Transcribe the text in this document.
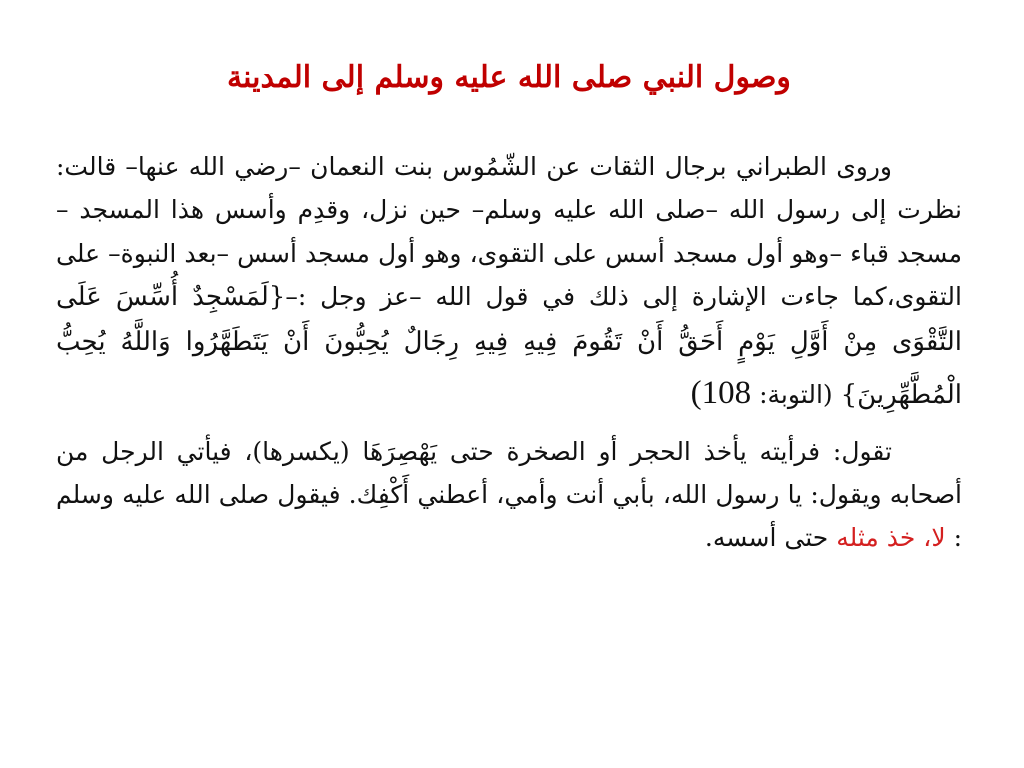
وصول النبي صلى الله عليه وسلم إلى المدينة

وروى الطبراني برجال الثقات عن الشّمُوس بنت النعمان –رضي الله عنها– قالت: نظرت إلى رسول الله –صلى الله عليه وسلم– حين نزل، وقدِم وأسس هذا المسجد –مسجد قباء –وهو أول مسجد أسس على التقوى، وهو أول مسجد أسس –بعد النبوة– على التقوى،كما جاءت الإشارة إلى ذلك في قول الله –عز وجل :–{لَمَسْجِدٌ أُسِّسَ عَلَى التَّقْوَى مِنْ أَوَّلِ يَوْمٍ أَحَقُّ أَنْ تَقُومَ فِيهِ فِيهِ رِجَالٌ يُحِبُّونَ أَنْ يَتَطَهَّرُوا وَاللَّهُ يُحِبُّ الْمُطَّهِّرِينَ} (التوبة: 108)

تقول: فرأيته يأخذ الحجر أو الصخرة حتى يَهْصِرَهَا (يكسرها)، فيأتي الرجل من أصحابه ويقول: يا رسول الله، بأبي أنت وأمي، أعطني أَكْفِك. فيقول صلى الله عليه وسلم : لا، خذ مثله حتى أسسه.
